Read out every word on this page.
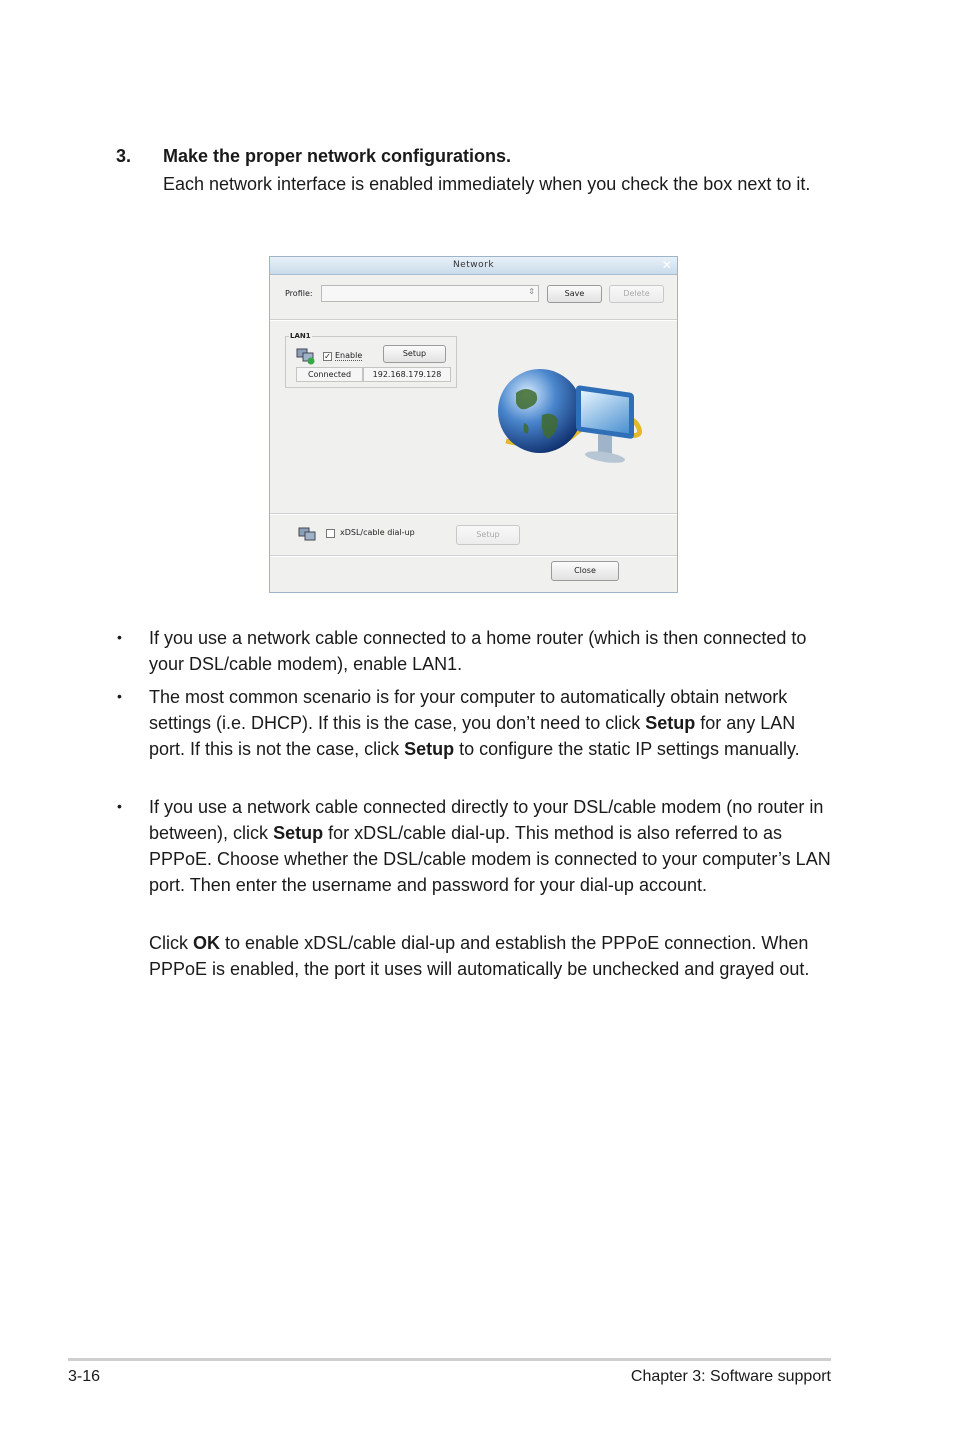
3. Make the proper network configurations.
Each network interface is enabled immediately when you check the box next to it.
Network	✕
Profile:	⇕	Save	Delete
LAN1
✓ Enable	Setup
Connected	192.168.179.128
xDSL/cable dial-up	Setup
Close
• If you use a network cable connected to a home router (which is then connected to your DSL/cable modem), enable LAN1.
• The most common scenario is for your computer to automatically obtain network settings (i.e. DHCP). If this is the case, you don’t need to click Setup for any LAN port. If this is not the case, click Setup to configure the static IP settings manually.
• If you use a network cable connected directly to your DSL/cable modem (no router in between), click Setup for xDSL/cable dial-up. This method is also referred to as PPPoE. Choose whether the DSL/cable modem is connected to your computer’s LAN port. Then enter the username and password for your dial-up account.
Click OK to enable xDSL/cable dial-up and establish the PPPoE connection. When PPPoE is enabled, the port it uses will automatically be unchecked and grayed out.
3-16	Chapter 3: Software support
